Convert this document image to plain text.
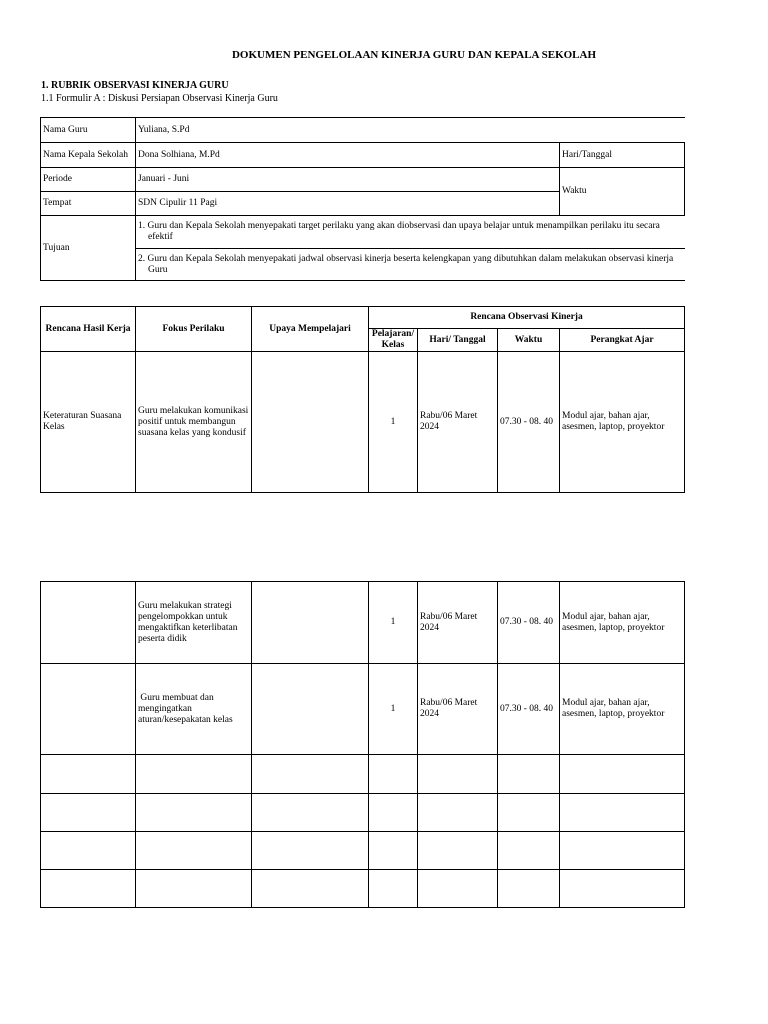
DOKUMEN PENGELOLAAN KINERJA GURU DAN KEPALA SEKOLAH
1. RUBRIK OBSERVASI KINERJA GURU
1.1 Formulir A : Diskusi Persiapan Observasi Kinerja Guru
Nama Guru	Yuliana, S.Pd	
Nama Kepala Sekolah	Dona Solhiana, M.Pd	Hari/Tanggal
Periode	Januari - Juni	Waktu
Tempat	SDN Cipulir 11 Pagi	
Tujuan	1. Guru dan Kepala Sekolah menyepakati target perilaku yang akan diobservasi dan upaya belajar untuk menampilkan perilaku itu secara efektif	

	2. Guru dan Kepala Sekolah menyepakati jadwal observasi kinerja beserta kelengkapan yang dibutuhkan dalam melakukan observasi kinerja Guru	
Rencana Hasil Kerja	Fokus Perilaku	Upaya Mempelajari	Rencana Observasi Kinerja			
			Pelajaran/ Kelas	Hari/ Tanggal	Waktu	Perangkat Ajar
Keteraturan Suasana Kelas	Guru melakukan komunikasi positif untuk membangun suasana kelas yang kondusif		1	Rabu/06 Maret 2024	07.30 - 08. 40	Modul ajar, bahan ajar, asesmen, laptop, proyektor
	Guru melakukan strategi pengelompokkan untuk mengaktifkan keterlibatan peserta didik		1	Rabu/06 Maret 2024	07.30 - 08. 40	Modul ajar, bahan ajar, asesmen, laptop, proyektor
	Guru membuat dan mengingatkan aturan/kesepakatan kelas		1	Rabu/06 Maret 2024	07.30 - 08. 40	Modul ajar, bahan ajar, asesmen, laptop, proyektor
